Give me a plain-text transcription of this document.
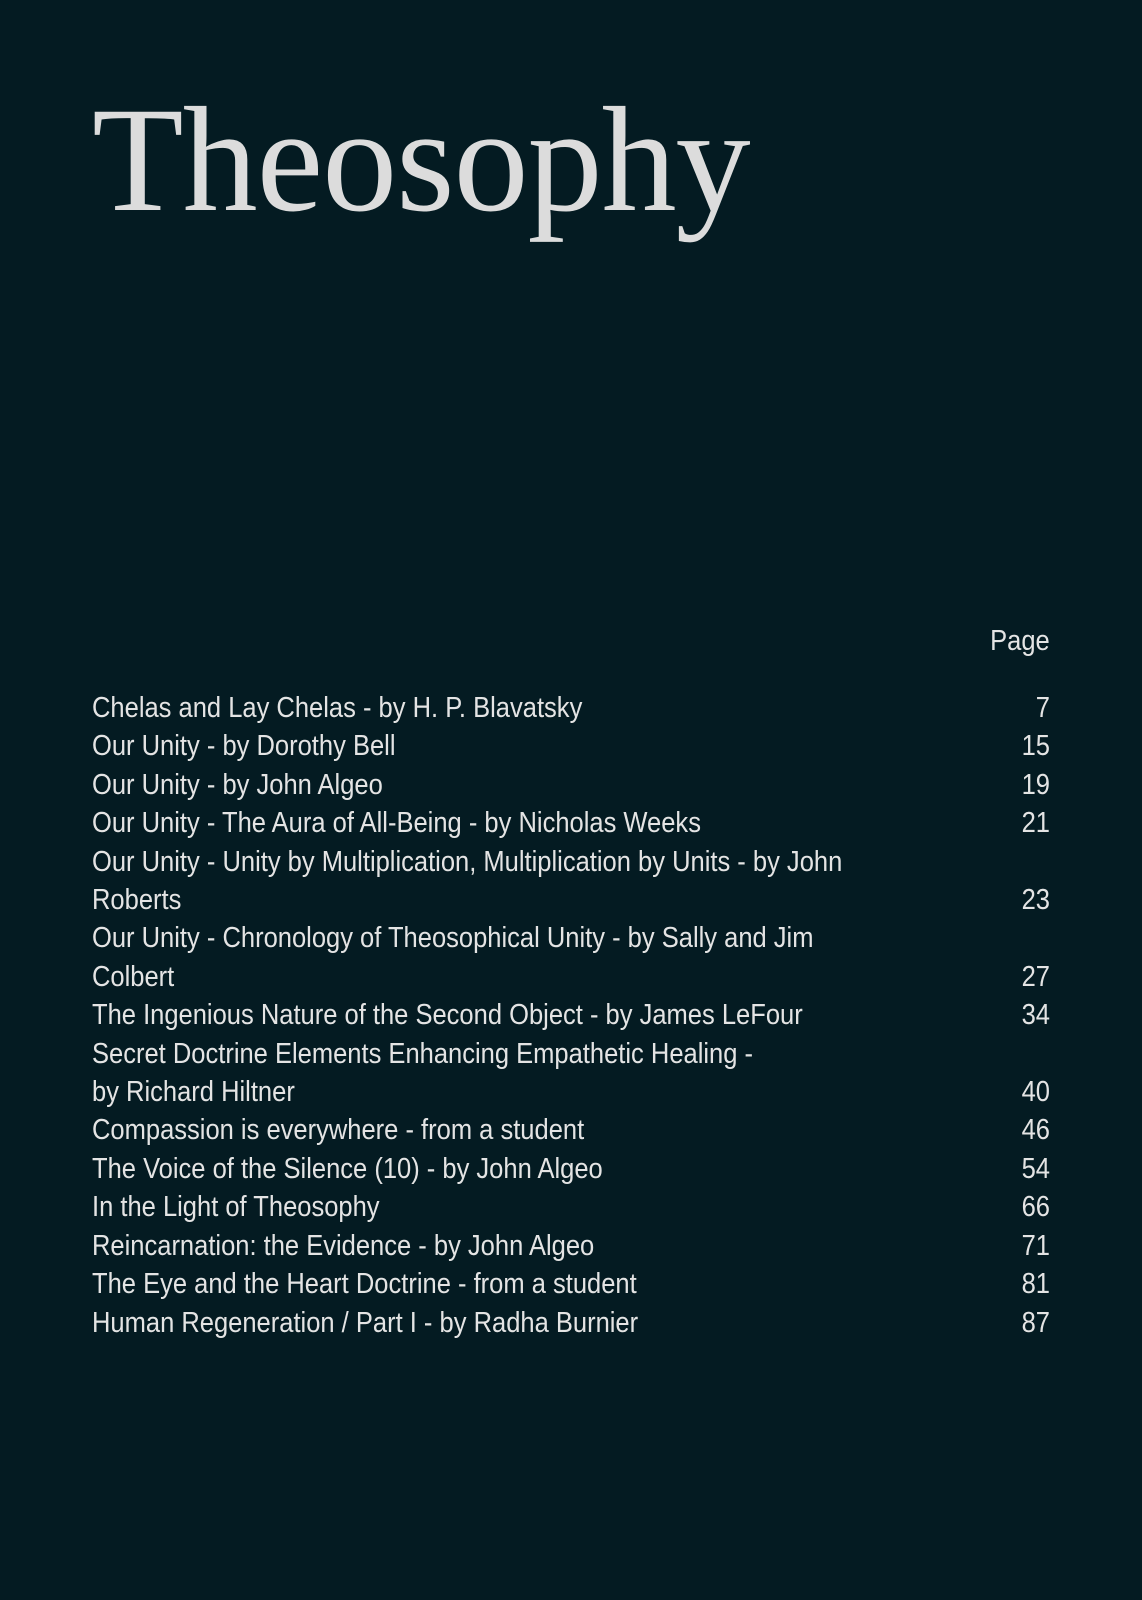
Theosophy
Page
Chelas and Lay Chelas - by H. P. Blavatsky	7
Our Unity - by Dorothy Bell	15
Our Unity - by John Algeo	19
Our Unity - The Aura of All-Being - by Nicholas Weeks	21
Our Unity - Unity by Multiplication, Multiplication by Units - by John Roberts	23
Our Unity - Chronology of Theosophical Unity - by Sally and Jim Colbert	27
The Ingenious Nature of the Second Object - by James LeFour	34
Secret Doctrine Elements Enhancing Empathetic Healing -
by Richard Hiltner	40
Compassion is everywhere - from a student	46
The Voice of the Silence (10) - by John Algeo	54
In the Light of Theosophy	66
Reincarnation: the Evidence - by John Algeo	71
The Eye and the Heart Doctrine - from a student	81
Human Regeneration / Part I - by Radha Burnier	87
